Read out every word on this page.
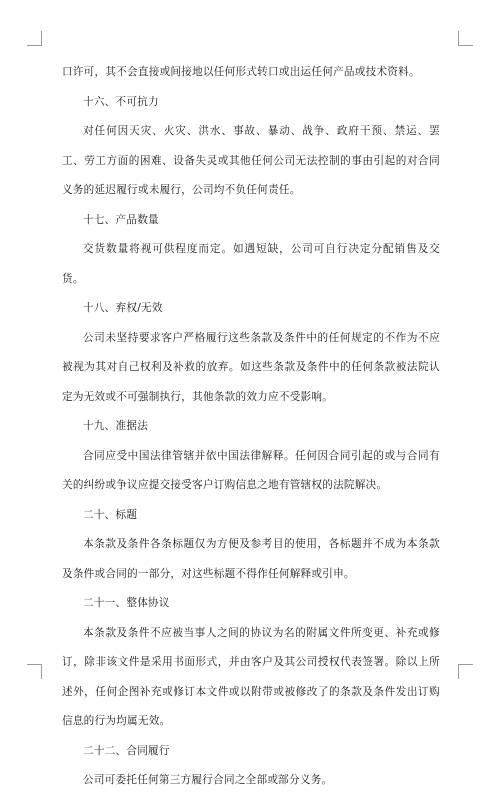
口许可，其不会直接或间接地以任何形式转口或出运任何产品或技术资料。

十六、不可抗力

对任何因天灾、火灾、洪水、事故、暴动、战争、政府干预、禁运、罢工、劳工方面的困难、设备失灵或其他任何公司无法控制的事由引起的对合同义务的延迟履行或未履行，公司均不负任何责任。

十七、产品数量

交货数量将视可供程度而定。如遇短缺，公司可自行决定分配销售及交货。

十八、弃权/无效

公司未坚持要求客户严格履行这些条款及条件中的任何规定的不作为不应被视为其对自己权利及补救的放弃。如这些条款及条件中的任何条款被法院认定为无效或不可强制执行，其他条款的效力应不受影响。

十九、准据法

合同应受中国法律管辖并依中国法律解释。任何因合同引起的或与合同有关的纠纷或争议应提交接受客户订购信息之地有管辖权的法院解决。

二十、标题

本条款及条件各条标题仅为方便及参考目的使用，各标题并不成为本条款及条件或合同的一部分，对这些标题不得作任何解释或引申。

二十一、整体协议

本条款及条件不应被当事人之间的协议为名的附属文件所变更、补充或修订，除非该文件是采用书面形式，并由客户及其公司授权代表签署。除以上所述外，任何企图补充或修订本文件或以附带或被修改了的条款及条件发出订购信息的行为均属无效。

二十二、合同履行

公司可委托任何第三方履行合同之全部或部分义务。
